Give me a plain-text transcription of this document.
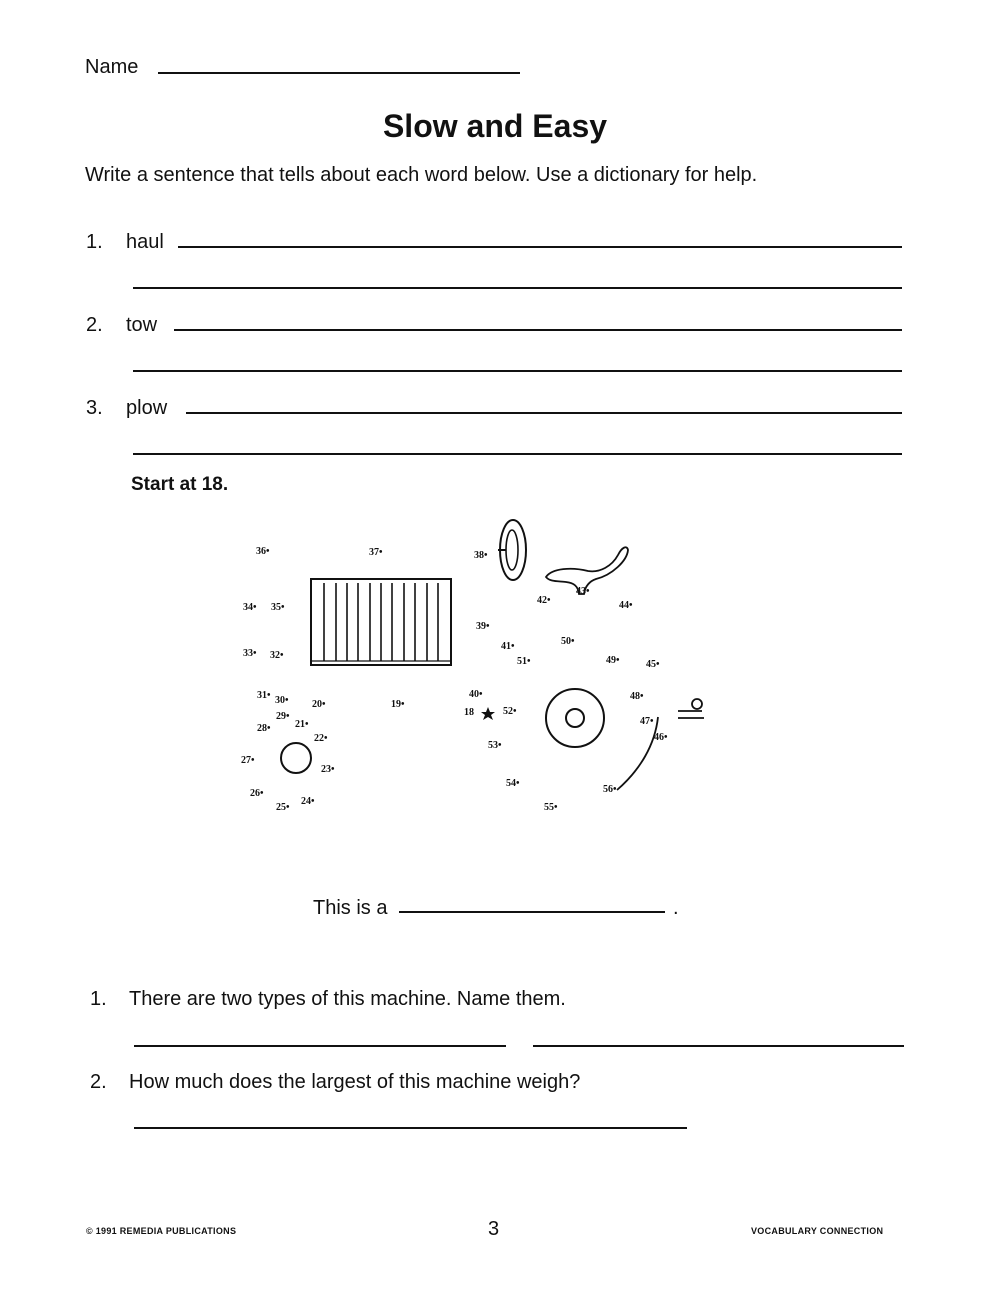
Name
Slow and Easy
Write a sentence that tells about each word below. Use a dictionary for help.
1. haul
2. tow
3. plow
Start at 18.
18
19•
20•
21•
22•
23•
24•
25•
26•
27•
28•
29•
30•
31•
32•
33•
34• 35•
36•	37•	38•
39•
40•
41•
42•
43•
44•
45•
46•
47•
48•
49•
50•
51•
52•
53•
54•
55•
56•
This is a	.
1. There are two types of this machine. Name them.
2. How much does the largest of this machine weigh?
© 1991 REMEDIA PUBLICATIONS	3	VOCABULARY CONNECTION
